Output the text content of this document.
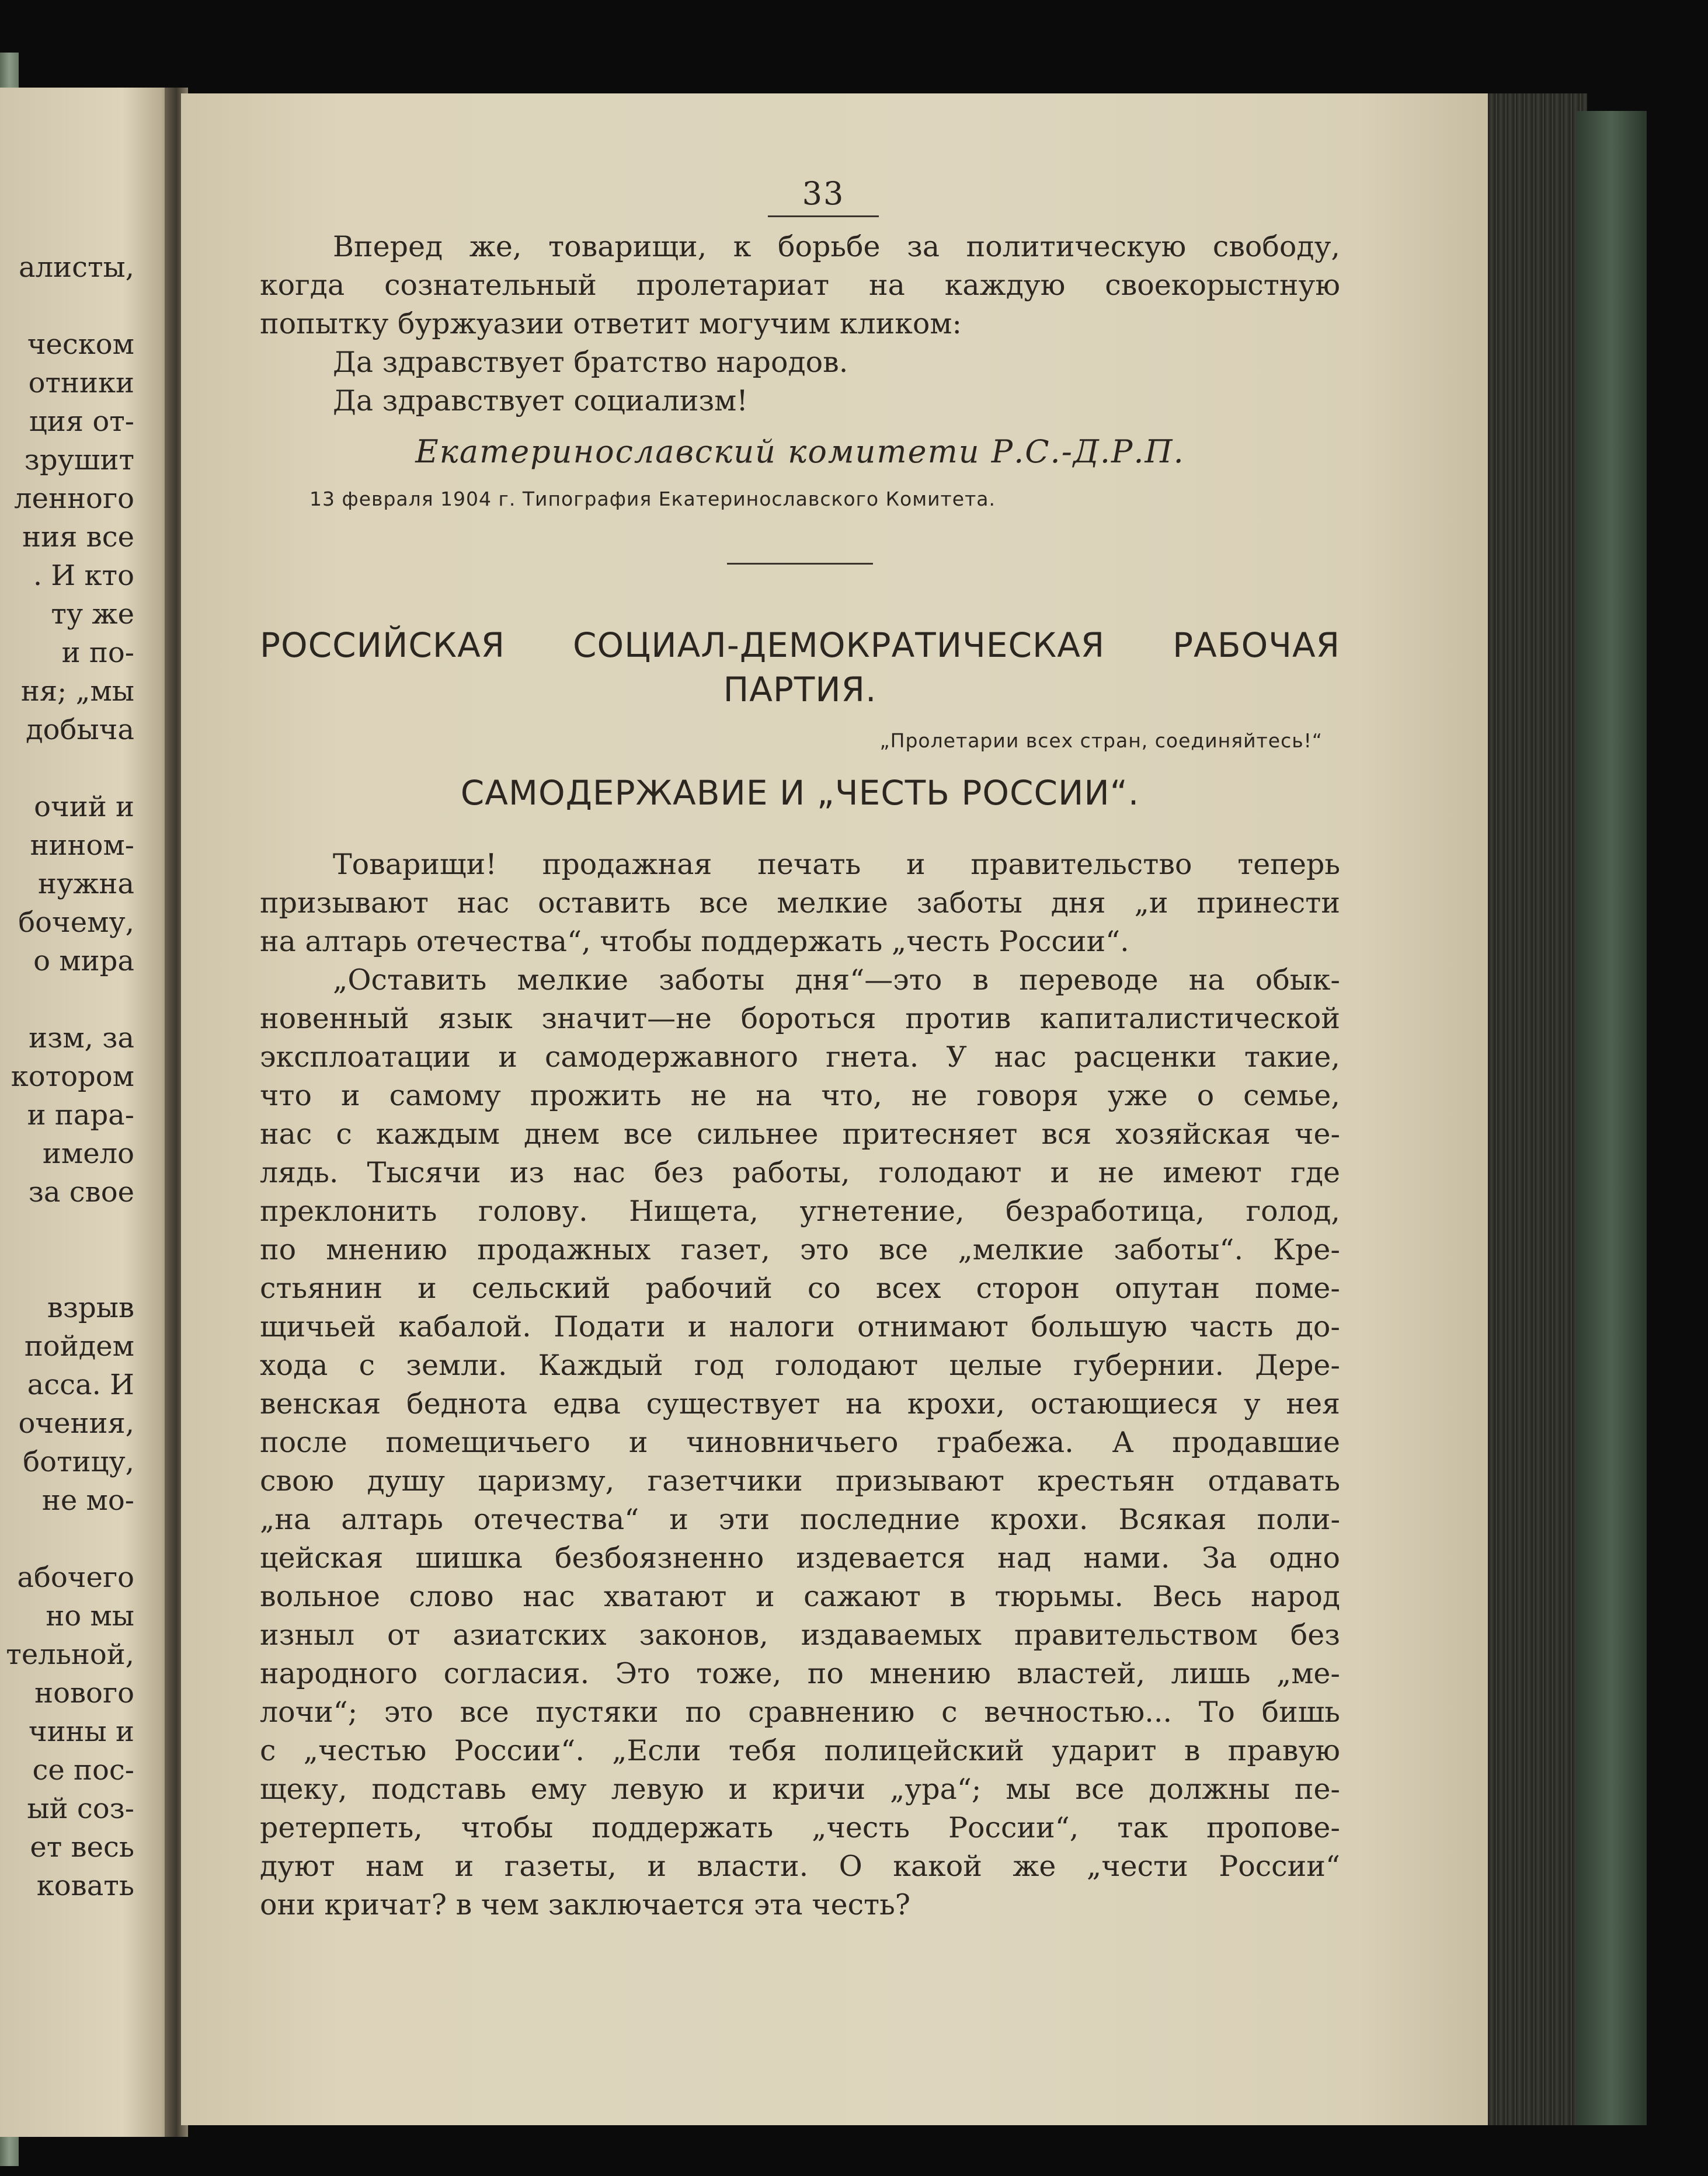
алисты,
ческом
отники
ция от-
зрушит
ленного
ния все
. И кто
ту же
и по-
ня; „мы
добыча
очий и
нином-
нужна
бочему,
о мира
изм, за
котором
и пара-
имело
за свое
взрыв
пойдем
асса. И
очения,
ботицу,
не мо-
абочего
но мы
тельной,
нового
чины и
се пос-
ый соз-
ет весь
ковать
33
Вперед же, товарищи, к борьбе за политическую свободу,
когда сознательный пролетариат на каждую своекорыстную
попытку буржуазии ответит могучим кликом:
Да здравствует братство народов.
Да здравствует социализм!
Екатеринославский комитети Р.С.-Д.Р.П.
13 февраля 1904 г. Типография Екатеринославского Комитета.
РОССИЙСКАЯ СОЦИАЛ-ДЕМОКРАТИЧЕСКАЯ РАБОЧАЯ
ПАРТИЯ.
„Пролетарии всех стран, соединяйтесь!“
САМОДЕРЖАВИЕ И „ЧЕСТЬ РОССИИ“.
Товарищи! продажная печать и правительство теперь
призывают нас оставить все мелкие заботы дня „и принести
на алтарь отечества“, чтобы поддержать „честь России“.
„Оставить мелкие заботы дня“—это в переводе на обык-
новенный язык значит—не бороться против капиталистической
эксплоатации и самодержавного гнета. У нас расценки такие,
что и самому прожить не на что, не говоря уже о семье,
нас с каждым днем все сильнее притесняет вся хозяйская че-
лядь. Тысячи из нас без работы, голодают и не имеют где
преклонить голову. Нищета, угнетение, безработица, голод,
по мнению продажных газет, это все „мелкие заботы“. Кре-
стьянин и сельский рабочий со всех сторон опутан поме-
щичьей кабалой. Подати и налоги отнимают большую часть до-
хода с земли. Каждый год голодают целые губернии. Дере-
венская беднота едва существует на крохи, остающиеся у нея
после помещичьего и чиновничьего грабежа. А продавшие
свою душу царизму, газетчики призывают крестьян отдавать
„на алтарь отечества“ и эти последние крохи. Всякая поли-
цейская шишка безбоязненно издевается над нами. За одно
вольное слово нас хватают и сажают в тюрьмы. Весь народ
изныл от азиатских законов, издаваемых правительством без
народного согласия. Это тоже, по мнению властей, лишь „ме-
лочи“; это все пустяки по сравнению с вечностью... То бишь
с „честью России“. „Если тебя полицейский ударит в правую
щеку, подставь ему левую и кричи „ура“; мы все должны пе-
ретерпеть, чтобы поддержать „честь России“, так пропове-
дуют нам и газеты, и власти. О какой же „чести России“
они кричат? в чем заключается эта честь?
